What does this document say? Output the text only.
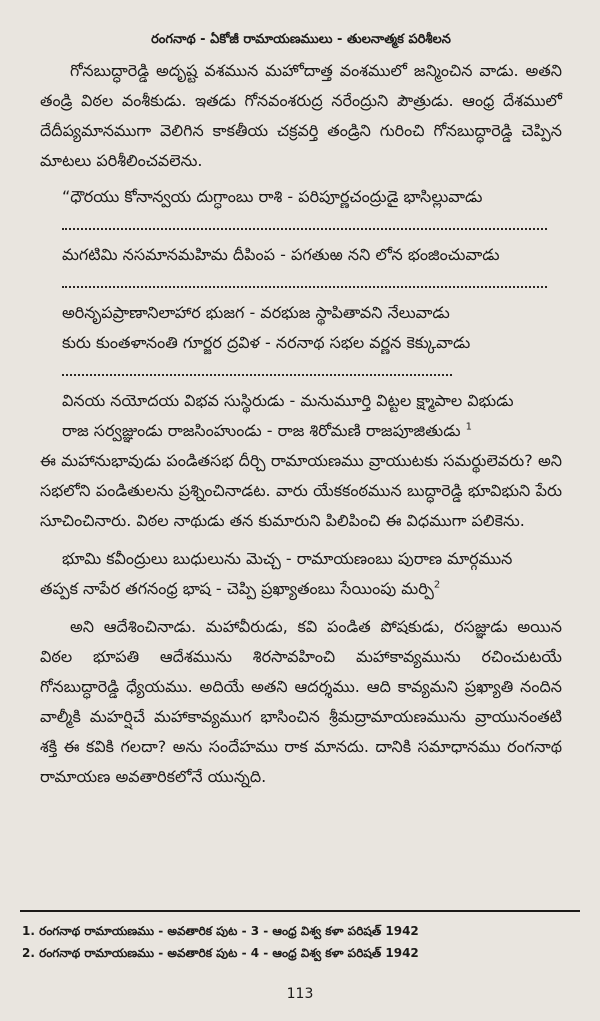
రంగనాథ - ఏకోజీ రామాయణములు - తులనాత్మక పరిశీలన

గోనబుద్ధారెడ్డి అదృష్ట వశమున మహోదాత్త వంశములో జన్మించిన వాడు. అతని తండ్రి విఠల వంశీకుడు. ఇతడు గోనవంశరుద్ర నరేంద్రుని పౌత్రుడు. ఆంధ్ర దేశములో దేదీప్యమానముగా వెలిగిన కాకతీయ చక్రవర్తి తండ్రిని గురించి గోనబుద్ధారెడ్డి చెప్పిన మాటలు పరిశీలించవలెను.

“ధౌరయు కోనాన్వయ దుగ్ధాంబు రాశి - పరిపూర్ణచంద్రుడై భాసిల్లువాడు

మగటిమి నసమానమహిమ దీపింప - పగతుఱ నని లోన భంజించువాడు

అరినృపప్రాణానిలాహార భుజగ - వరభుజ స్థాపితావని నేలువాడు

కురు కుంతళానంతి గూర్జర ద్రవిళ - నరనాథ సభల వర్ణన కెక్కువాడు

వినయ నయోదయ విభవ సుస్థిరుడు - మనుమూర్తి విట్టల క్ష్మాపాల విభుడు

రాజ సర్వజ్ఞుండు రాజసింహుండు - రాజ శిరోమణి రాజపూజితుడు $^1$

ఈ మహానుభావుడు పండితసభ దీర్చి రామాయణము వ్రాయుటకు సమర్థులెవరు? అని సభలోని పండితులను ప్రశ్నించినాడట. వారు యేకకంఠమున బుద్ధారెడ్డి భూవిభుని పేరు సూచించినారు. విఠల నాథుడు తన కుమారుని పిలిపించి ఈ విధముగా పలికెను.

భూమి కవీంద్రులు బుధులును మెచ్చ - రామాయణంబు పురాణ మార్గమున

తప్పక నాపేర తగనంధ్ర భాష - చెప్పి ప్రఖ్యాతంబు సేయింపు మర్పి$^2$

అని ఆదేశించినాడు. మహావీరుడు, కవి పండిత పోషకుడు, రసజ్ఞుడు అయిన విఠల భూపతి ఆదేశమును శిరసావహించి మహాకావ్యమును రచించుటయే గోనబుద్ధారెడ్డి ధ్యేయము. అదియే అతని ఆదర్శము. ఆది కావ్యమని ప్రఖ్యాతి నందిన వాల్మీకి మహర్షిచే మహాకావ్యముగ భాసించిన శ్రీమద్రామాయణమును వ్రాయునంతటి శక్తి ఈ కవికి గలదా? అను సందేహము రాక మానదు. దానికి సమాధానము రంగనాథ రామాయణ అవతారికలోనే యున్నది.

1. రంగనాథ రామాయణము - అవతారిక పుట - 3 - ఆంధ్ర విశ్వ కళా పరిషత్ 1942
2. రంగనాథ రామాయణము - అవతారిక పుట - 4 - ఆంధ్ర విశ్వ కళా పరిషత్ 1942
113
